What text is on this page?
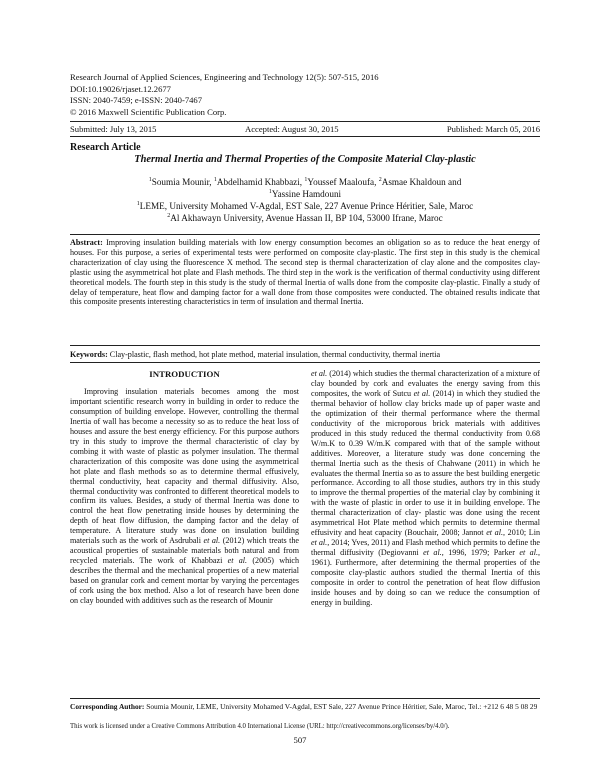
Research Journal of Applied Sciences, Engineering and Technology 12(5): 507-515, 2016
DOI:10.19026/rjaset.12.2677
ISSN: 2040-7459; e-ISSN: 2040-7467
© 2016 Maxwell Scientific Publication Corp.
Submitted: July 13, 2015	Accepted: August 30, 2015	Published: March 05, 2016
Research Article
Thermal Inertia and Thermal Properties of the Composite Material Clay-plastic
$^1$Soumia Mounir, $^1$Abdelhamid Khabbazi, $^1$Youssef Maaloufa, $^2$Asmae Khaldoun and
$^1$Yassine Hamdouni
$^1$LEME, University Mohamed V-Agdal, EST Sale, 227 Avenue Prince Héritier, Sale, Maroc
$^2$Al Akhawayn University, Avenue Hassan II, BP 104, 53000 Ifrane, Maroc
Abstract: Improving insulation building materials with low energy consumption becomes an obligation so as to reduce the heat energy of houses. For this purpose, a series of experimental tests were performed on composite clay-plastic. The first step in this study is the chemical characterization of clay using the fluorescence X method. The second step is thermal characterization of clay alone and the composites clay-plastic using the asymmetrical hot plate and Flash methods. The third step in the work is the verification of thermal conductivity using different theoretical models. The fourth step in this study is the study of thermal Inertia of walls done from the composite clay-plastic. Finally a study of delay of temperature, heat flow and damping factor for a wall done from those composites were conducted. The obtained results indicate that this composite presents interesting characteristics in term of insulation and thermal Inertia.
Keywords: Clay-plastic, flash method, hot plate method, material insulation, thermal conductivity, thermal inertia
INTRODUCTION

Improving insulation materials becomes among the most important scientific research worry in building in order to reduce the consumption of building envelope. However, controlling the thermal Inertia of wall has become a necessity so as to reduce the heat loss of houses and assure the best energy efficiency. For this purpose authors try in this study to improve the thermal characteristic of clay by combing it with waste of plastic as polymer insulation. The thermal characterization of this composite was done using the asymmetrical hot plate and flash methods so as to determine thermal effusively, thermal conductivity, heat capacity and thermal diffusivity. Also, thermal conductivity was confronted to different theoretical models to confirm its values. Besides, a study of thermal Inertia was done to control the heat flow penetrating inside houses by determining the depth of heat flow diffusion, the damping factor and the delay of temperature. A literature study was done on insulation building materials such as the work of Asdrubali et al. (2012) which treats the acoustical properties of sustainable materials both natural and from recycled materials. The work of Khabbazi et al. (2005) which describes the thermal and the mechanical properties of a new material based on granular cork and cement mortar by varying the percentages of cork using the box method. Also a lot of research have been done on clay bounded with additives such as the research of Mounir

et al. (2014) which studies the thermal characterization of a mixture of clay bounded by cork and evaluates the energy saving from this composites, the work of Sutcu et al. (2014) in which they studied the thermal behavior of hollow clay bricks made up of paper waste and the optimization of their thermal performance where the thermal conductivity of the microporous brick materials with additives produced in this study reduced the thermal conductivity from 0.68 W/m.K to 0.39 W/m.K compared with that of the sample without additives. Moreover, a literature study was done concerning the thermal Inertia such as the thesis of Chahwane (2011) in which he evaluates the thermal Inertia so as to assure the best building energetic performance. According to all those studies, authors try in this study to improve the thermal properties of the material clay by combining it with the waste of plastic in order to use it in building envelope. The thermal characterization of clay- plastic was done using the recent asymmetrical Hot Plate method which permits to determine thermal effusivity and heat capacity (Bouchair, 2008; Jannot et al., 2010; Lin et al., 2014; Yves, 2011) and Flash method which permits to define the thermal diffusivity (Degiovanni et al., 1996, 1979; Parker et al., 1961). Furthermore, after determining the thermal properties of the composite clay-plastic authors studied the thermal Inertia of this composite in order to control the penetration of heat flow diffusion inside houses and by doing so can we reduce the consumption of energy in building.

Corresponding Author: Soumia Mounir, LEME, University Mohamed V-Agdal, EST Sale, 227 Avenue Prince Héritier, Sale, Maroc, Tel.: +212 6 48 5 08 29
This work is licensed under a Creative Commons Attribution 4.0 International License (URL: http://creativecommons.org/licenses/by/4.0/).
507
